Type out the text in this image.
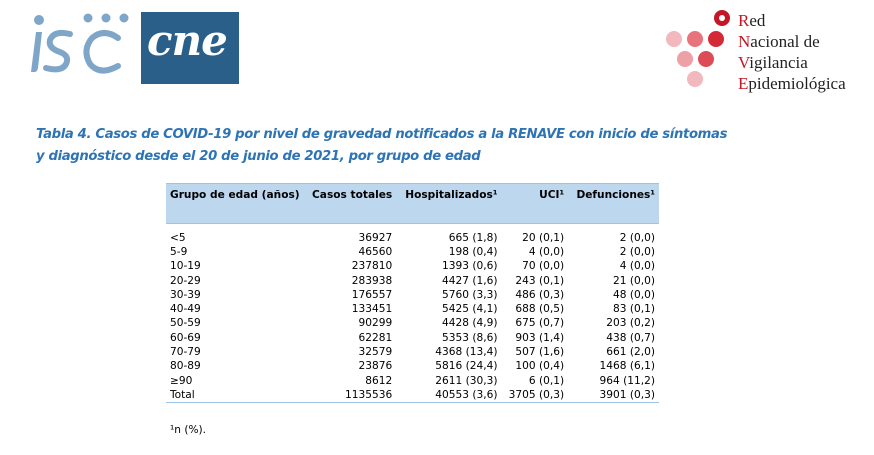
cne	Red
Nacional de
Vigilancia
Epidemiológica
Tabla 4. Casos de COVID-19 por nivel de gravedad notificados a la RENAVE con inicio de síntomas y diagnóstico desde el 20 de junio de 2021, por grupo de edad
Grupo de edad (años)	Casos totales	Hospitalizados¹	UCI¹	Defunciones¹

<5	36927	665 (1,8)	20 (0,1)	2 (0,0)
5-9	46560	198 (0,4)	4 (0,0)	2 (0,0)
10-19	237810	1393 (0,6)	70 (0,0)	4 (0,0)
20-29	283938	4427 (1,6)	243 (0,1)	21 (0,0)
30-39	176557	5760 (3,3)	486 (0,3)	48 (0,0)
40-49	133451	5425 (4,1)	688 (0,5)	83 (0,1)
50-59	90299	4428 (4,9)	675 (0,7)	203 (0,2)
60-69	62281	5353 (8,6)	903 (1,4)	438 (0,7)
70-79	32579	4368 (13,4)	507 (1,6)	661 (2,0)
80-89	23876	5816 (24,4)	100 (0,4)	1468 (6,1)
≥90	8612	2611 (30,3)	6 (0,1)	964 (11,2)
Total	1135536	40553 (3,6)	3705 (0,3)	3901 (0,3)
¹n (%).
